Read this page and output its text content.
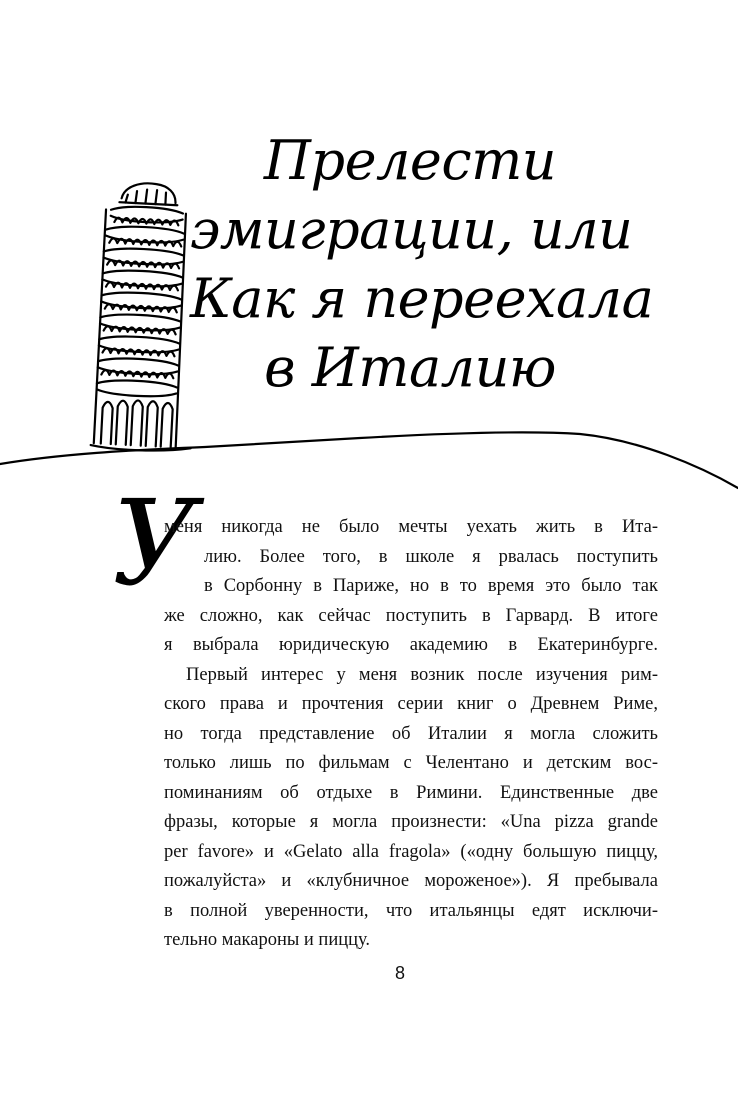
Прелести
эмиграции, или
Как я переехала
в Италию
У
меня никогда не было мечты уехать жить в Ита-
лию. Более того, в школе я рвалась поступить
в Сорбонну в Париже, но в то время это было так
же сложно, как сейчас поступить в Гарвард. В итоге
я выбрала юридическую академию в Екатеринбурге.
Первый интерес у меня возник после изучения рим-
ского права и прочтения серии книг о Древнем Риме,
но тогда представление об Италии я могла сложить
только лишь по фильмам с Челентано и детским вос-
поминаниям об отдыхе в Римини. Единственные две
фразы, которые я могла произнести: «Una pizza grande
per favore» и «Gelato alla fragola» («одну большую пиццу,
пожалуйста» и «клубничное мороженое»). Я пребывала
в полной уверенности, что итальянцы едят исключи-
тельно макароны и пиццу.
8
